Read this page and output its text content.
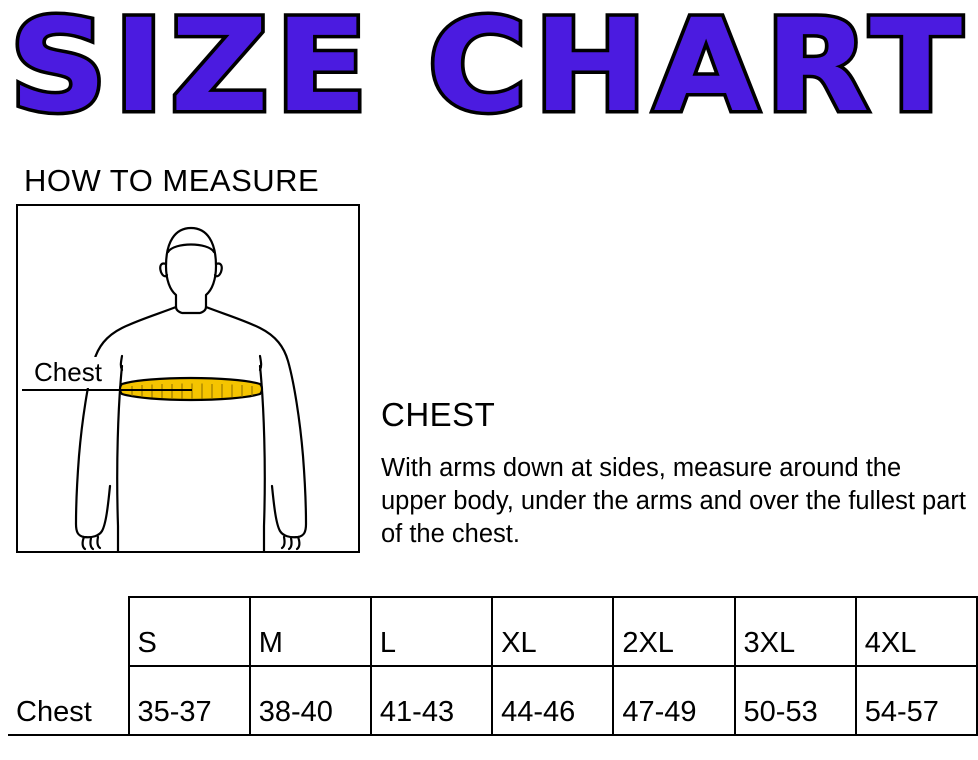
SIZE CHART
HOW TO MEASURE
Chest
CHEST
With arms down at sides, measure around the upper body, under the arms and over the fullest part of the chest.
	S	M	L	XL	2XL	3XL	4XL
Chest	35-37	38-40	41-43	44-46	47-49	50-53	54-57
